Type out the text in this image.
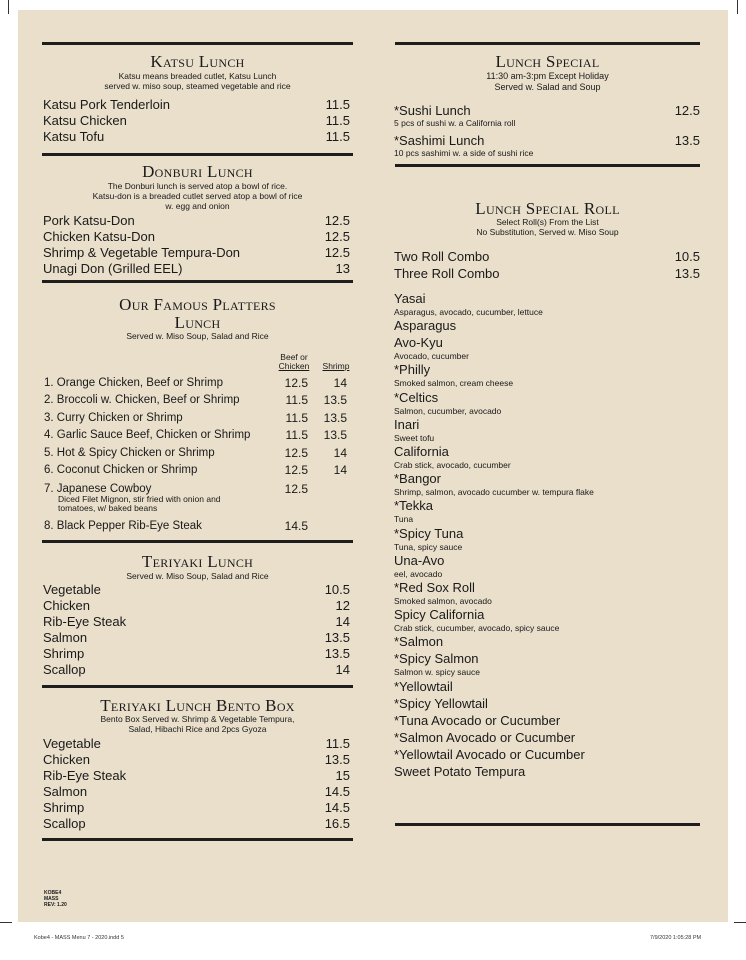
Katsu Lunch
Katsu means breaded cutlet, Katsu Lunch
served w. miso soup, steamed vegetable and rice
Katsu Pork Tenderloin	11.5
Katsu Chicken	11.5
Katsu Tofu	11.5
Donburi Lunch
The Donburi lunch is served atop a bowl of rice.
Katsu-don is a breaded cutlet served atop a bowl of rice
w. egg and onion
Pork Katsu-Don	12.5
Chicken Katsu-Don	12.5
Shrimp & Vegetable Tempura-Don	12.5
Unagi Don (Grilled EEL)	13
Our Famous Platters
Lunch
Served w. Miso Soup, Salad and Rice
Beef or
Chicken	Shrimp
1. Orange Chicken, Beef or Shrimp	12.5	14
2. Broccoli w. Chicken, Beef or Shrimp	11.5	13.5
3. Curry Chicken or Shrimp	11.5	13.5
4. Garlic Sauce Beef, Chicken or Shrimp	11.5	13.5
5. Hot & Spicy Chicken or Shrimp	12.5	14
6. Coconut Chicken or Shrimp	12.5	14
7. Japanese Cowboy	12.5
Diced Filet Mignon, stir fried with onion and
tomatoes, w/ baked beans
8. Black Pepper Rib-Eye Steak	14.5
Teriyaki Lunch
Served w. Miso Soup, Salad and Rice
Vegetable	10.5
Chicken	12
Rib-Eye Steak	14
Salmon	13.5
Shrimp	13.5
Scallop	14
Teriyaki Lunch Bento Box
Bento Box Served w. Shrimp & Vegetable Tempura,
Salad, Hibachi Rice and 2pcs Gyoza
Vegetable	11.5
Chicken	13.5
Rib-Eye Steak	15
Salmon	14.5
Shrimp	14.5
Scallop	16.5
KOBE4
MASS
REV: 1.20
Lunch Special
11:30 am-3:pm Except Holiday
Served w. Salad and Soup
*Sushi Lunch	12.5
5 pcs of sushi w. a California roll
*Sashimi Lunch	13.5
10 pcs sashimi w. a side of sushi rice
Lunch Special Roll
Select Roll(s) From the List
No Substitution, Served w. Miso Soup
Two Roll Combo	10.5
Three Roll Combo	13.5
Yasai
Asparagus, avocado, cucumber, lettuce
Asparagus
Avo-Kyu
Avocado, cucumber
*Philly
Smoked salmon, cream cheese
*Celtics
Salmon, cucumber, avocado
Inari
Sweet tofu
California
Crab stick, avocado, cucumber
*Bangor
Shrimp, salmon, avocado cucumber w. tempura flake
*Tekka
Tuna
*Spicy Tuna
Tuna, spicy sauce
Una-Avo
eel, avocado
*Red Sox Roll
Smoked salmon, avocado
Spicy California
Crab stick, cucumber, avocado, spicy sauce
*Salmon
*Spicy Salmon
Salmon w. spicy sauce
*Yellowtail
*Spicy Yellowtail
*Tuna Avocado or Cucumber
*Salmon Avocado or Cucumber
*Yellowtail Avocado or Cucumber
Sweet Potato Tempura
Kobe4 - MASS Menu 7 - 2020.indd 5	7/9/2020 1:05:28 PM
